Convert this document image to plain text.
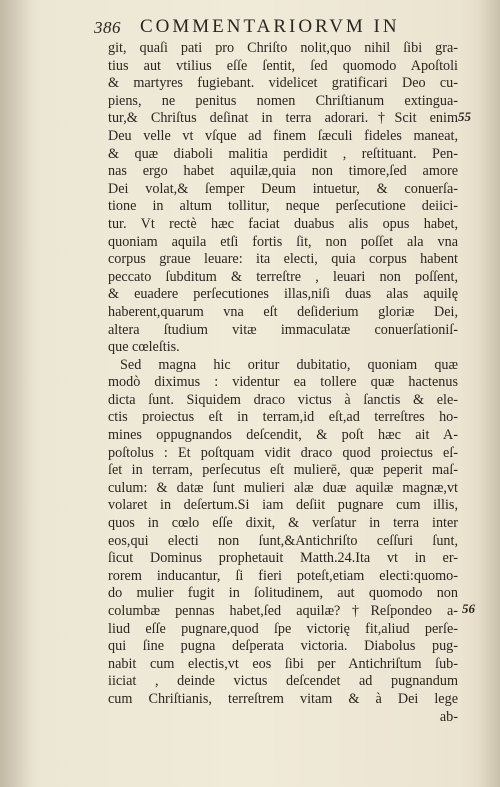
386 COMMENTARIORVM IN
55
56
git, quaſi pati pro Chriſto nolit,quo nihil ſibi gra-
tius aut vtilius eſſe ſentit, ſed quomodo Apoſtoli
& martyres fugiebant. videlicet gratificari Deo cu-
piens, ne penitus nomen Chriſtianum extingua-
tur,& Chriſtus deſinat in terra adorari.†Scit enim
Deu velle vt vſque ad finem ſæculi fideles maneat,
& quæ diaboli malitia perdidit , reſtituant. Pen-
nas ergo habet aquilæ,quia non timore,ſed amore
Dei volat,& ſemper Deum intuetur, & conuerſa-
tione in altum tollitur, neque perſecutione deiici-
tur. Vt rectè hæc faciat duabus alis opus habet,
quoniam aquila etſi fortis ſit, non poſſet ala vna
corpus graue leuare: ita electi, quia corpus habent
peccato ſubditum & terreſtre , leuari non poſſent,
& euadere perſecutiones illas,niſi duas alas aquilę
haberent,quarum vna eſt deſiderium gloriæ Dei,
altera ſtudium vitæ immaculatæ conuerſationiſ-
que cœleſtis.
Sed magna hic oritur dubitatio, quoniam quæ
modò diximus : videntur ea tollere quæ hactenus
dicta ſunt. Siquidem draco victus à ſanctis & ele-
ctis proiectus eſt in terram,id eſt,ad terreſtres ho-
mines oppugnandos deſcendit, & poſt hæc ait A-
poſtolus : Et poſtquam vidit draco quod proiectus eſ-
ſet in terram, perſecutus eſt mulierē, quæ peperit maſ-
culum: & datæ ſunt mulieri alæ duæ aquilæ magnæ,vt
volaret in deſertum.Si iam deſiit pugnare cum illis,
quos in cœlo eſſe dixit, & verſatur in terra inter
eos,qui electi non ſunt,&Antichriſto ceſſuri ſunt,
ſicut Dominus prophetauit Matth.24.Ita vt in er-
rorem inducantur, ſi fieri poteſt,etiam electi:quomo-
do mulier fugit in ſolitudinem, aut quomodo non
columbæ pennas habet,ſed aquilæ?†Reſpondeo a-
liud eſſe pugnare,quod ſpe victorię fit,aliud perſe-
qui ſine pugna deſperata victoria. Diabolus pug-
nabit cum electis,vt eos ſibi per Antichriſtum ſub-
iiciat , deinde victus deſcendet ad pugnandum
cum Chriſtianis, terreſtrem vitam & à Dei lege
ab-
